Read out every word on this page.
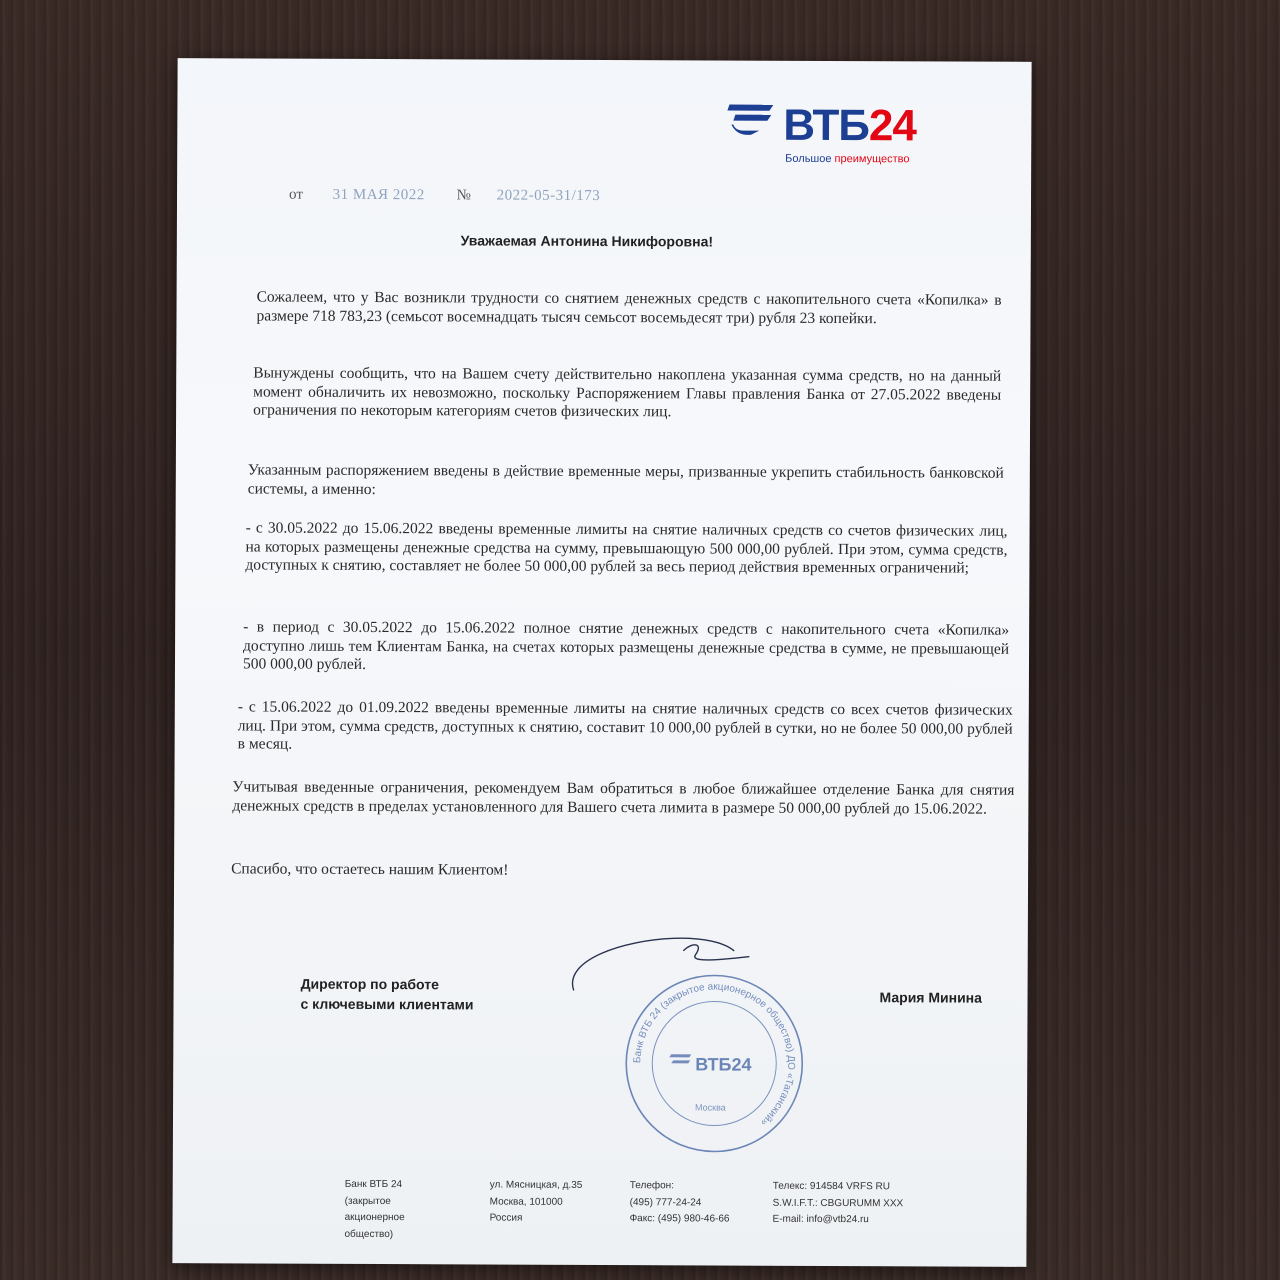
ВТБ24
Большое преимущество
от 31 МАЯ 2022 № 2022-05-31/173
Уважаемая Антонина Никифоровна!
Сожалеем, что у Вас возникли трудности со снятием денежных средств с накопительного счета «Копилка» в размере 718 783,23 (семьсот восемнадцать тысяч семьсот восемьдесят три) рубля 23 копейки.
Вынуждены сообщить, что на Вашем счету действительно накоплена указанная сумма средств, но на данный момент обналичить их невозможно, поскольку Распоряжением Главы правления Банка от 27.05.2022 введены ограничения по некоторым категориям счетов физических лиц.
Указанным распоряжением введены в действие временные меры, призванные укрепить стабильность банковской системы, а именно:
- с 30.05.2022 до 15.06.2022 введены временные лимиты на снятие наличных средств со счетов физических лиц, на которых размещены денежные средства на сумму, превышающую 500 000,00 рублей. При этом, сумма средств, доступных к снятию, составляет не более 50 000,00 рублей за весь период действия временных ограничений;
- в период с 30.05.2022 до 15.06.2022 полное снятие денежных средств с накопительного счета «Копилка» доступно лишь тем Клиентам Банка, на счетах которых размещены денежные средства в сумме, не превышающей 500 000,00 рублей.
- с 15.06.2022 до 01.09.2022 введены временные лимиты на снятие наличных средств со всех счетов физических лиц. При этом, сумма средств, доступных к снятию, составит 10 000,00 рублей в сутки, но не более 50 000,00 рублей в месяц.
Учитывая введенные ограничения, рекомендуем Вам обратиться в любое ближайшее отделение Банка для снятия денежных средств в пределах установленного для Вашего счета лимита в размере 50 000,00 рублей до 15.06.2022.
Спасибо, что остаетесь нашим Клиентом!
Директор по работе
с ключевыми клиентами	Мария Минина
Банк ВТБ 24 (закрытое акционерное общество) ДО «Таганский»
ВТБ24
Москва
Банк ВТБ 24
(закрытое
акционерное
общество)
ул. Мясницкая, д.35
Москва, 101000
Россия
Телефон:
(495) 777-24-24
Факс: (495) 980-46-66
Телекс: 914584 VRFS RU
S.W.I.F.T.: CBGURUMM XXX
E-mail: info@vtb24.ru
